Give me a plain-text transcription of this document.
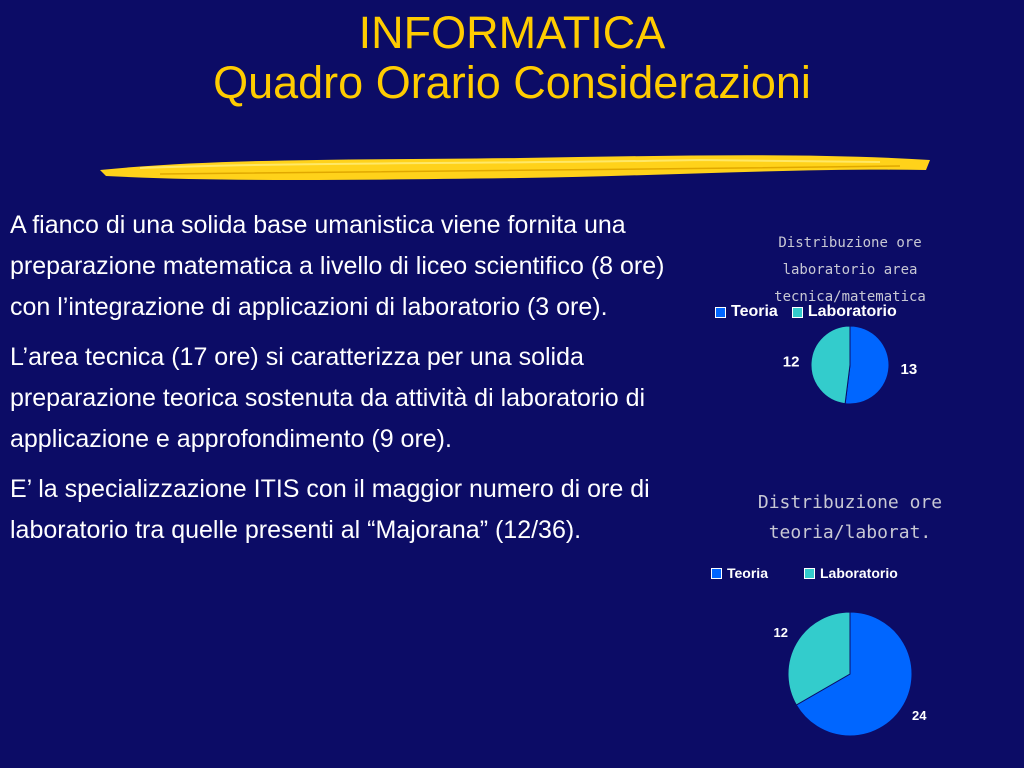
INFORMATICA
Quadro Orario Considerazioni

A fianco di una solida base umanistica viene fornita una preparazione matematica a livello di liceo scientifico (8 ore) con l’integrazione di applicazioni di laboratorio (3 ore).

L’area tecnica (17 ore) si caratterizza per una solida preparazione teorica sostenuta da attività di laboratorio di applicazione e approfondimento (9 ore).

E’ la specializzazione ITIS con il maggior numero di ore di laboratorio tra quelle presenti al “Majorana” (12/36).

Distribuzione ore laboratorio area tecnica/matematica
Teoria Laboratorio
13
12
Distribuzione ore teoria/laborat.
Teoria	Laboratorio
24
12
